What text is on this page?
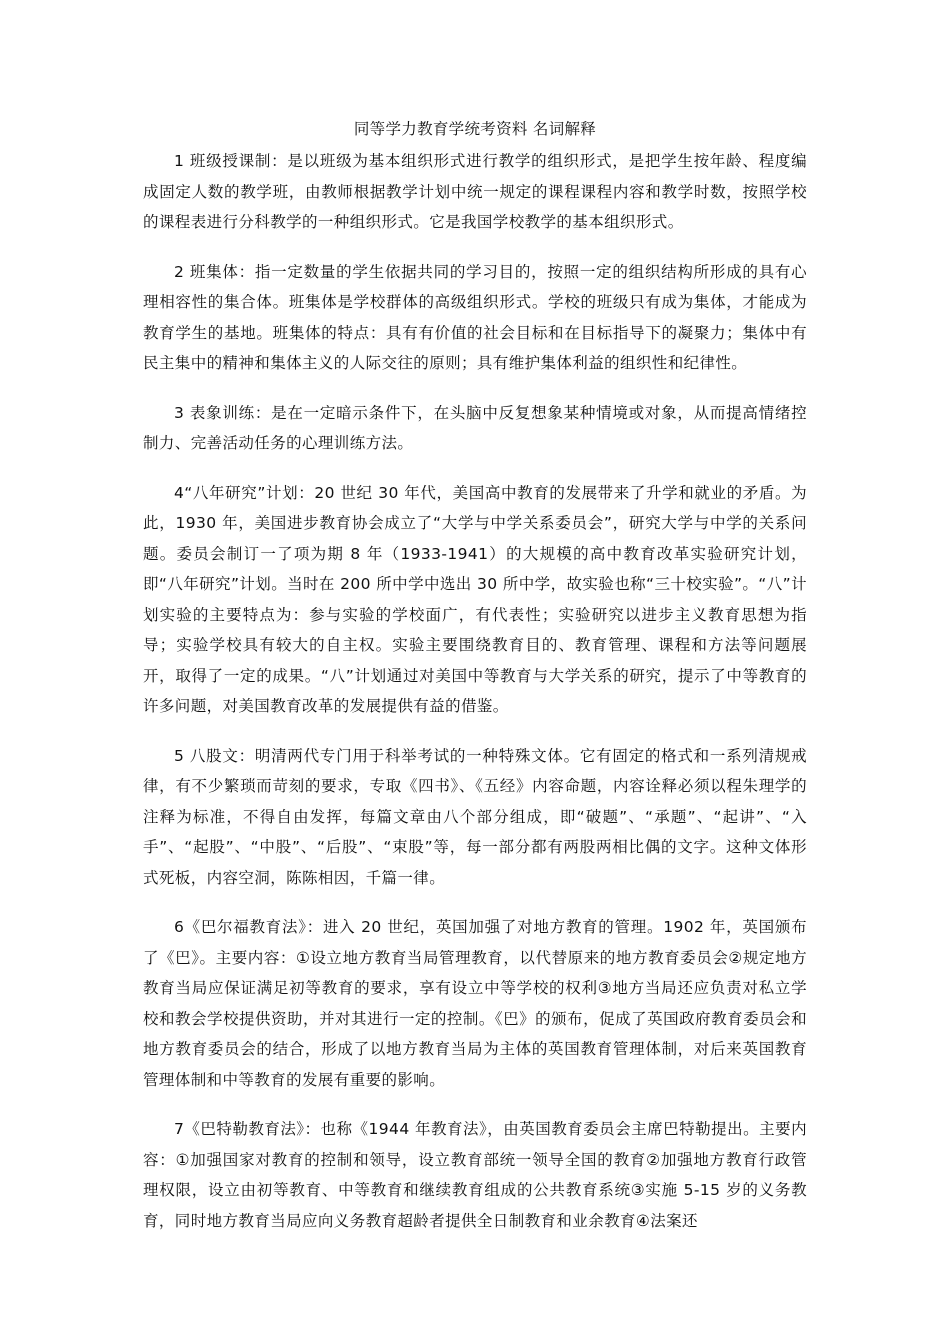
同等学力教育学统考资料 名词解释

1 班级授课制：是以班级为基本组织形式进行教学的组织形式，是把学生按年龄、程度编成固定人数的教学班，由教师根据教学计划中统一规定的课程课程内容和教学时数，按照学校的课程表进行分科教学的一种组织形式。它是我国学校教学的基本组织形式。

2 班集体：指一定数量的学生依据共同的学习目的，按照一定的组织结构所形成的具有心理相容性的集合体。班集体是学校群体的高级组织形式。学校的班级只有成为集体，才能成为教育学生的基地。班集体的特点：具有有价值的社会目标和在目标指导下的凝聚力；集体中有民主集中的精神和集体主义的人际交往的原则；具有维护集体利益的组织性和纪律性。

3 表象训练：是在一定暗示条件下，在头脑中反复想象某种情境或对象，从而提高情绪控制力、完善活动任务的心理训练方法。

4“八年研究”计划：20 世纪 30 年代，美国高中教育的发展带来了升学和就业的矛盾。为此，1930 年，美国进步教育协会成立了“大学与中学关系委员会”，研究大学与中学的关系问题。委员会制订一了项为期 8 年（1933-1941）的大规模的高中教育改革实验研究计划，即“八年研究”计划。当时在 200 所中学中选出 30 所中学，故实验也称“三十校实验”。“八”计划实验的主要特点为：参与实验的学校面广，有代表性；实验研究以进步主义教育思想为指导；实验学校具有较大的自主权。实验主要围绕教育目的、教育管理、课程和方法等问题展开，取得了一定的成果。“八”计划通过对美国中等教育与大学关系的研究，提示了中等教育的许多问题，对美国教育改革的发展提供有益的借鉴。

5 八股文：明清两代专门用于科举考试的一种特殊文体。它有固定的格式和一系列清规戒律，有不少繁琐而苛刻的要求，专取《四书》、《五经》内容命题，内容诠释必须以程朱理学的注释为标准，不得自由发挥，每篇文章由八个部分组成，即“破题”、“承题”、“起讲”、“入手”、“起股”、“中股”、“后股”、“束股”等，每一部分都有两股两相比偶的文字。这种文体形式死板，内容空洞，陈陈相因，千篇一律。

6《巴尔福教育法》：进入 20 世纪，英国加强了对地方教育的管理。1902 年，英国颁布了《巴》。主要内容：①设立地方教育当局管理教育，以代替原来的地方教育委员会②规定地方教育当局应保证满足初等教育的要求，享有设立中等学校的权利③地方当局还应负责对私立学校和教会学校提供资助，并对其进行一定的控制。《巴》的颁布，促成了英国政府教育委员会和地方教育委员会的结合，形成了以地方教育当局为主体的英国教育管理体制，对后来英国教育管理体制和中等教育的发展有重要的影响。

7《巴特勒教育法》：也称《1944 年教育法》，由英国教育委员会主席巴特勒提出。主要内容：①加强国家对教育的控制和领导，设立教育部统一领导全国的教育②加强地方教育行政管理权限，设立由初等教育、中等教育和继续教育组成的公共教育系统③实施 5-15 岁的义务教育，同时地方教育当局应向义务教育超龄者提供全日制教育和业余教育④法案还
